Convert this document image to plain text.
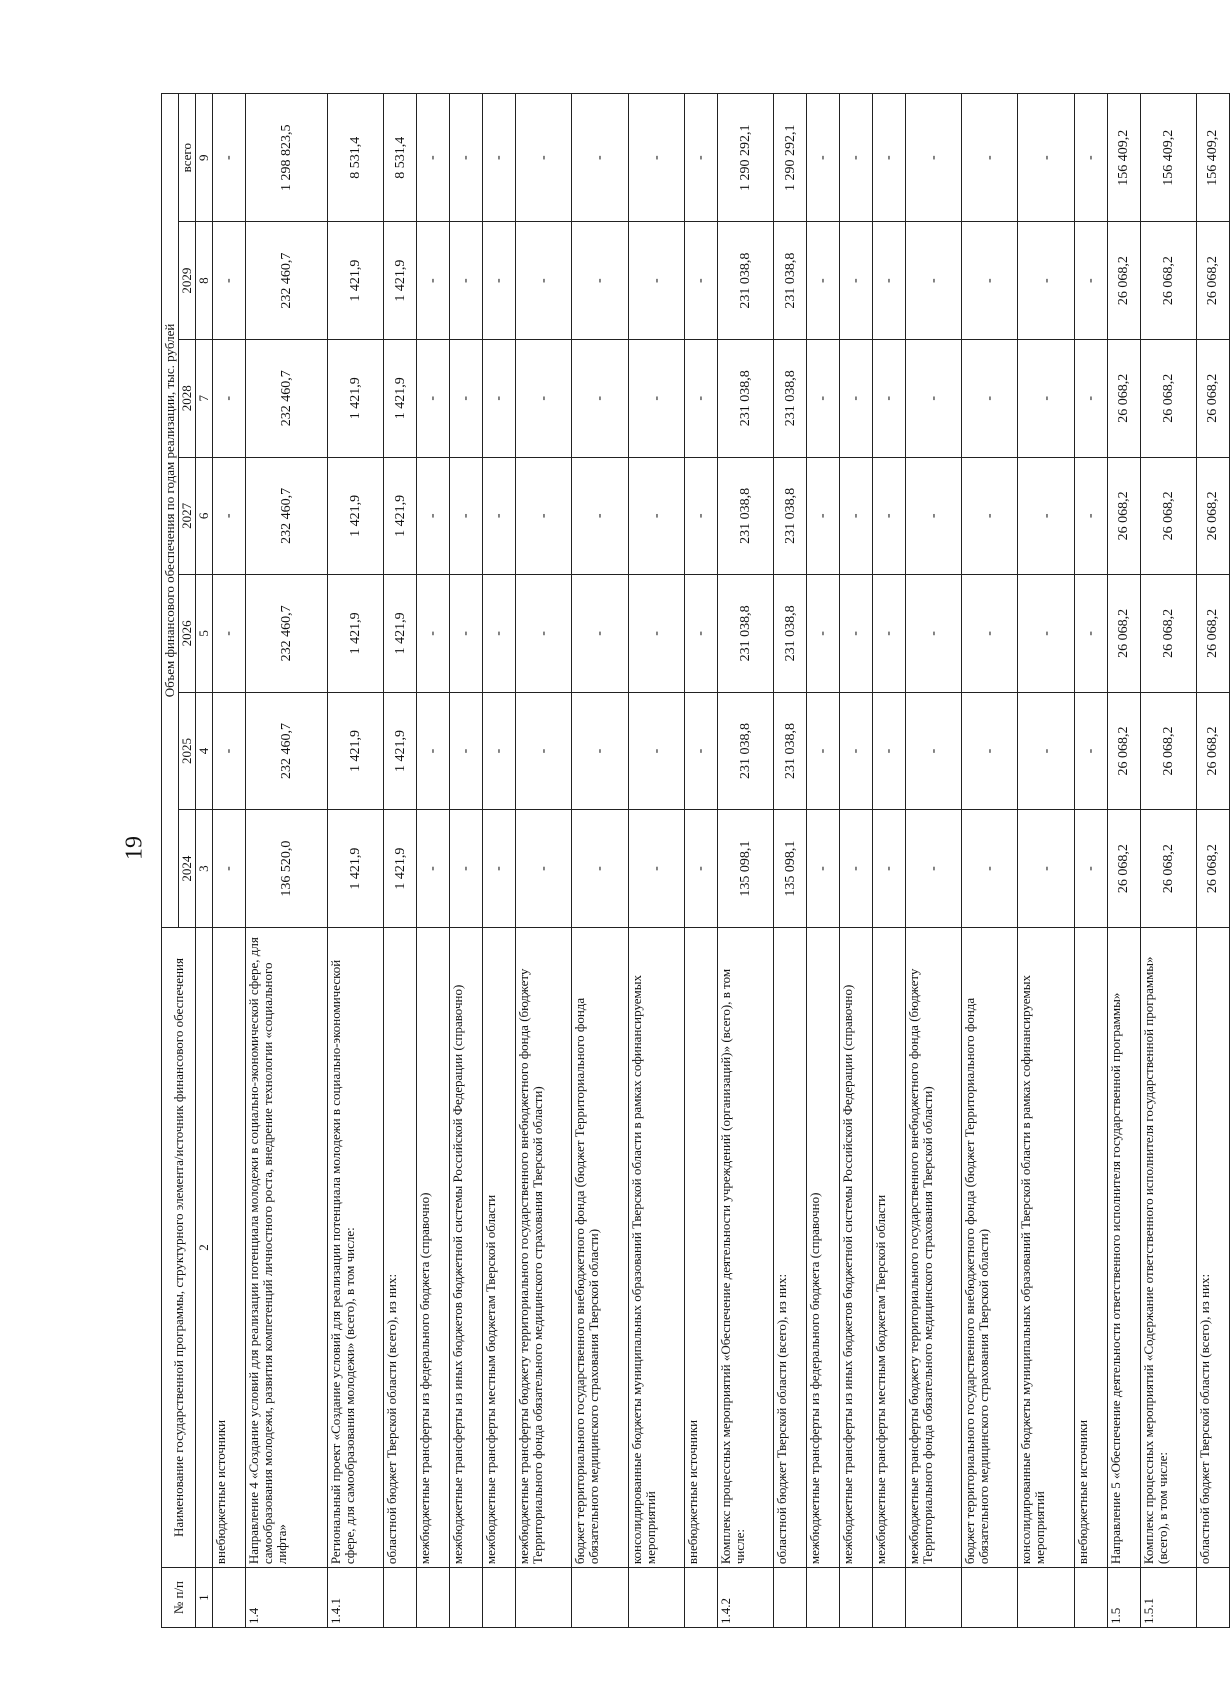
19
№ п/п	Наименование государственной программы, структурного элемента/источник финансового обеспечения	Объем финансового обеспечения по годам реализации, тыс. рублей						
		2024	2025	2026	2027	2028	2029	всего
1	2	3	4	5	6	7	8	9
	внебюджетные источники	-	-	-	-	-	-	-
1.4	Направление 4 «Создание условий для реализации потенциала молодежи в социально-экономической сфере, для самообразования молодежи, развития компетенций личностного роста, внедрение технологии «социального лифта»	136 520,0	232 460,7	232 460,7	232 460,7	232 460,7	232 460,7	1 298 823,5
1.4.1	Региональный проект «Создание условий для реализации потенциала молодежи в социально-экономической сфере, для самообразования молодежи» (всего), в том числе:	1 421,9	1 421,9	1 421,9	1 421,9	1 421,9	1 421,9	8 531,4
	областной бюджет Тверской области (всего), из них:	1 421,9	1 421,9	1 421,9	1 421,9	1 421,9	1 421,9	8 531,4
	межбюджетные трансферты из федерального бюджета (справочно)	-	-	-	-	-	-	-
	межбюджетные трансферты из иных бюджетов бюджетной системы Российской Федерации (справочно)	-	-	-	-	-	-	-
	межбюджетные трансферты местным бюджетам Тверской области	-	-	-	-	-	-	-
	межбюджетные трансферты бюджету территориального государственного внебюджетного фонда (бюджету Территориального фонда обязательного медицинского страхования Тверской области)	-	-	-	-	-	-	-
	бюджет территориального государственного внебюджетного фонда (бюджет Территориального фонда обязательного медицинского страхования Тверской области)	-	-	-	-	-	-	-
	консолидированные бюджеты муниципальных образований Тверской области в рамках софинансируемых мероприятий	-	-	-	-	-	-	-
	внебюджетные источники	-	-	-	-	-	-	-
1.4.2	Комплекс процессных мероприятий «Обеспечение деятельности учреждений (организаций)» (всего), в том числе:	135 098,1	231 038,8	231 038,8	231 038,8	231 038,8	231 038,8	1 290 292,1
	областной бюджет Тверской области (всего), из них:	135 098,1	231 038,8	231 038,8	231 038,8	231 038,8	231 038,8	1 290 292,1
	межбюджетные трансферты из федерального бюджета (справочно)	-	-	-	-	-	-	-
	межбюджетные трансферты из иных бюджетов бюджетной системы Российской Федерации (справочно)	-	-	-	-	-	-	-
	межбюджетные трансферты местным бюджетам Тверской области	-	-	-	-	-	-	-
	межбюджетные трансферты бюджету территориального государственного внебюджетного фонда (бюджету Территориального фонда обязательного медицинского страхования Тверской области)	-	-	-	-	-	-	-
	бюджет территориального государственного внебюджетного фонда (бюджет Территориального фонда обязательного медицинского страхования Тверской области)	-	-	-	-	-	-	-
	консолидированные бюджеты муниципальных образований Тверской области в рамках софинансируемых мероприятий	-	-	-	-	-	-	-
	внебюджетные источники	-	-	-	-	-	-	-
1.5	Направление 5 «Обеспечение деятельности ответственного исполнителя государственной программы»	26 068,2	26 068,2	26 068,2	26 068,2	26 068,2	26 068,2	156 409,2
1.5.1	Комплекс процессных мероприятий «Содержание ответственного исполнителя государственной программы» (всего), в том числе:	26 068,2	26 068,2	26 068,2	26 068,2	26 068,2	26 068,2	156 409,2
	областной бюджет Тверской области (всего), из них:	26 068,2	26 068,2	26 068,2	26 068,2	26 068,2	26 068,2	156 409,2
